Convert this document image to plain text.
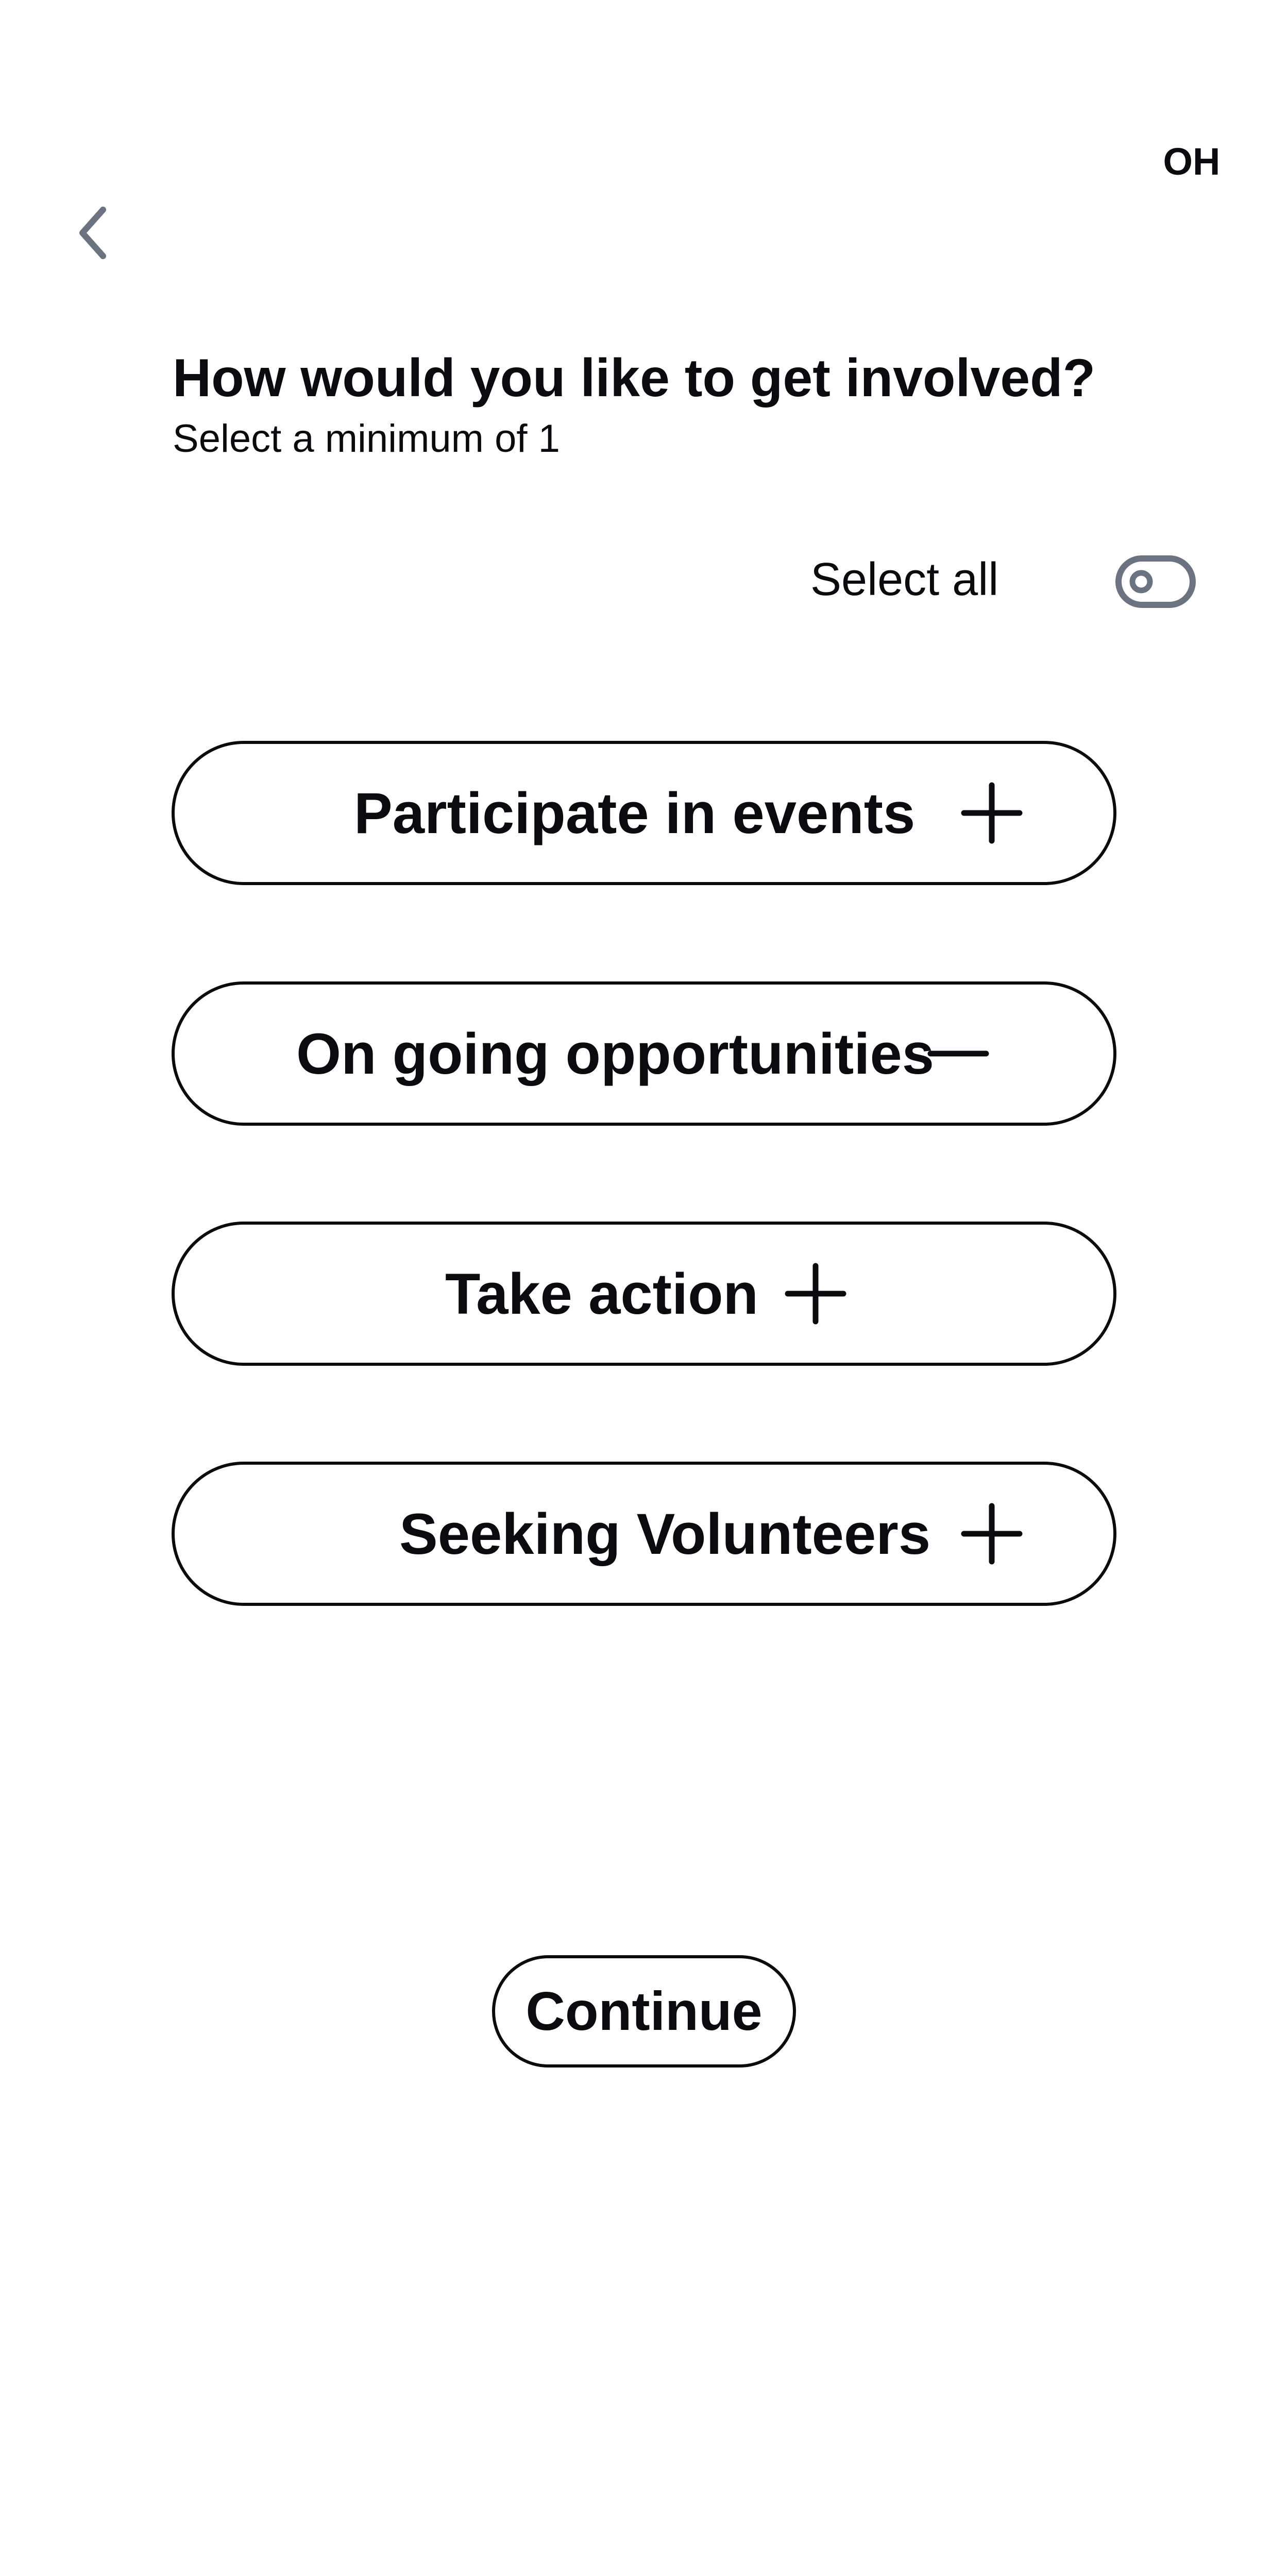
OH
How would you like to get involved?
Select a minimum of 1
Select all
Participate in events
On going opportunities
Take action
Seeking Volunteers
Continue
